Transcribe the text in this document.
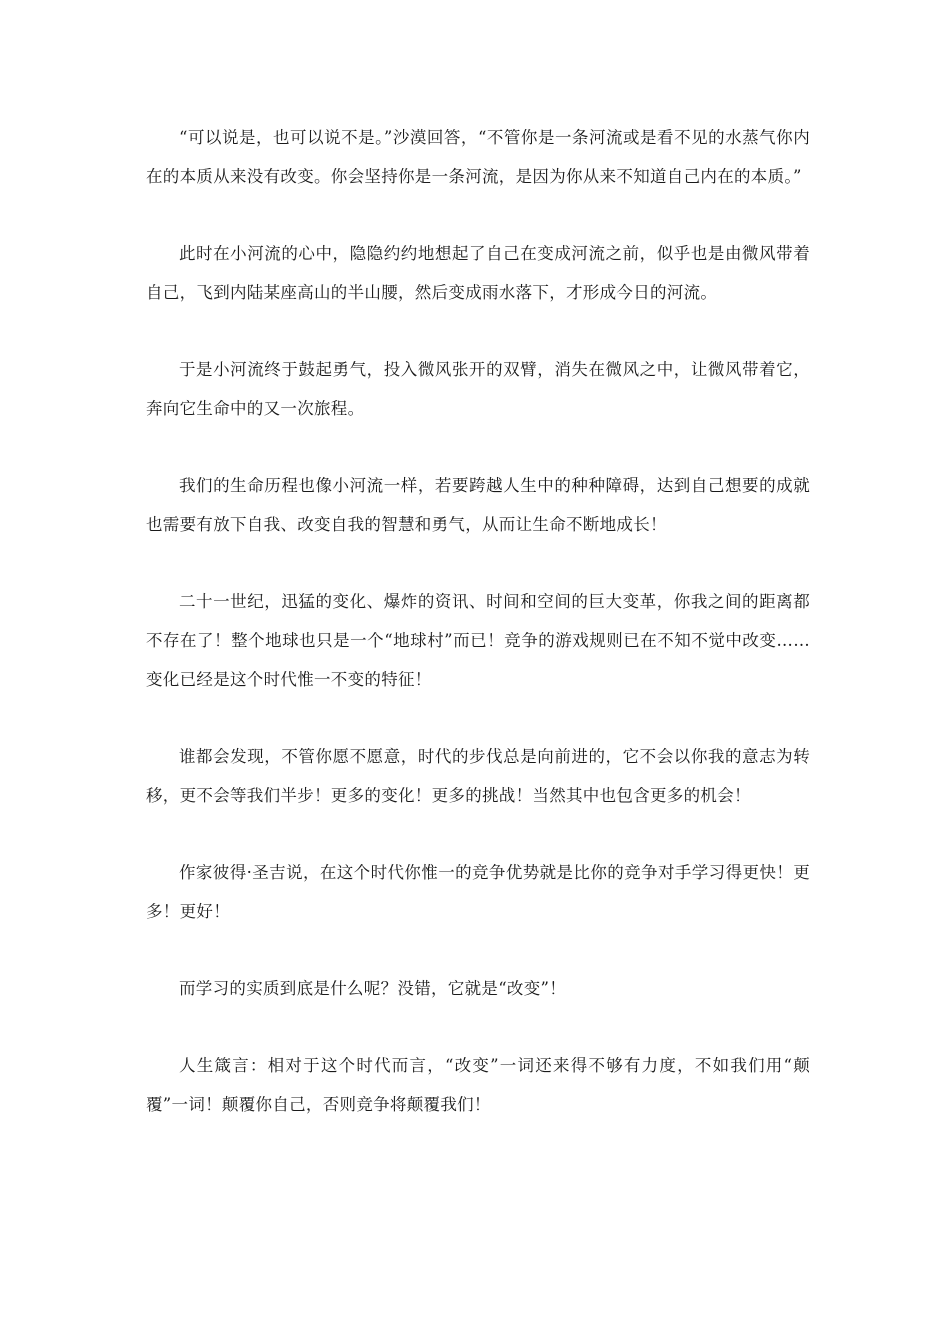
“可以说是，也可以说不是。”沙漠回答，“不管你是一条河流或是看不见的水蒸气你内在的本质从来没有改变。你会坚持你是一条河流，是因为你从来不知道自己内在的本质。”

此时在小河流的心中，隐隐约约地想起了自己在变成河流之前，似乎也是由微风带着自己，飞到内陆某座高山的半山腰，然后变成雨水落下，才形成今日的河流。

于是小河流终于鼓起勇气，投入微风张开的双臂，消失在微风之中，让微风带着它，奔向它生命中的又一次旅程。

我们的生命历程也像小河流一样，若要跨越人生中的种种障碍，达到自己想要的成就也需要有放下自我、改变自我的智慧和勇气，从而让生命不断地成长！

二十一世纪，迅猛的变化、爆炸的资讯、时间和空间的巨大变革，你我之间的距离都不存在了！整个地球也只是一个“地球村”而已！竞争的游戏规则已在不知不觉中改变……变化已经是这个时代惟一不变的特征！

谁都会发现，不管你愿不愿意，时代的步伐总是向前进的，它不会以你我的意志为转移，更不会等我们半步！更多的变化！更多的挑战！当然其中也包含更多的机会！

作家彼得·圣吉说，在这个时代你惟一的竞争优势就是比你的竞争对手学习得更快！更多！更好！

而学习的实质到底是什么呢？没错，它就是“改变”！

人生箴言：相对于这个时代而言，“改变”一词还来得不够有力度，不如我们用“颠覆”一词！颠覆你自己，否则竞争将颠覆我们！
